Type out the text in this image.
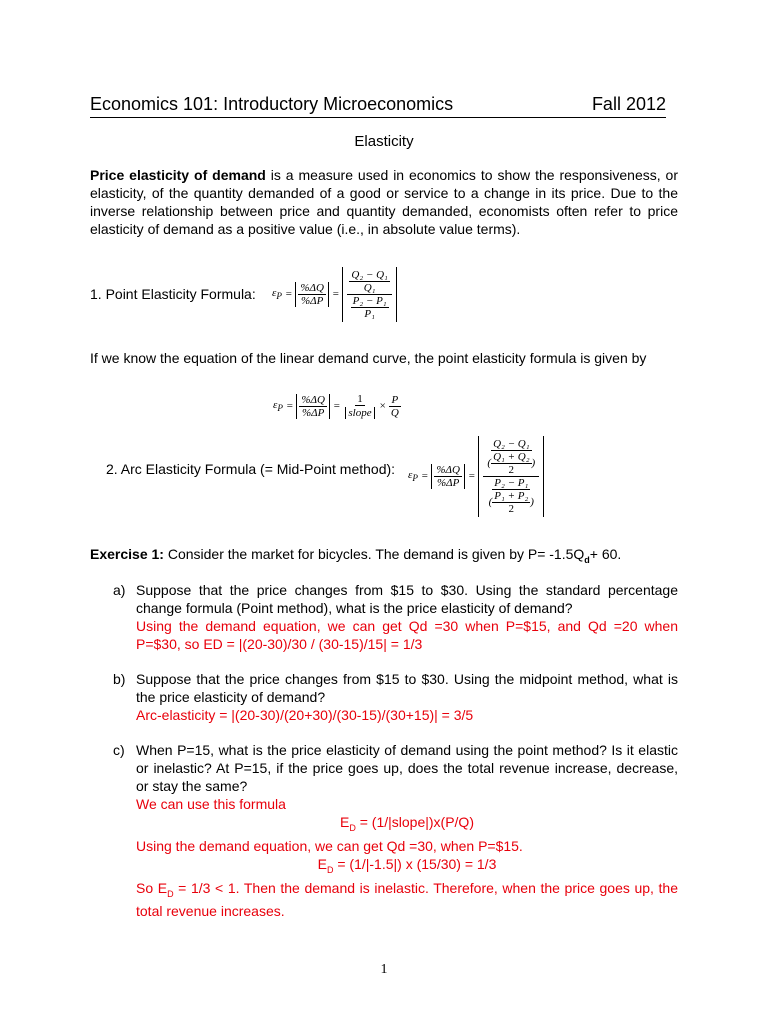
Economics 101: Introductory Microeconomics	Fall 2012
Elasticity
Price elasticity of demand is a measure used in economics to show the responsiveness, or elasticity, of the quantity demanded of a good or service to a change in its price. Due to the inverse relationship between price and quantity demanded, economists often refer to price elasticity of demand as a positive value (i.e., in absolute value terms).
1. Point Elasticity Formula: $\varepsilon_P = \frac{\%\Delta Q}{\%\Delta P} = \frac{\frac{\text{Q₂ − Q₁}}{\text{Q₁}}}{\frac{\text{P₂ − P₁}}{\text{P₁}}}$
If we know the equation of the linear demand curve, the point elasticity formula is given by
$\varepsilon_P = \frac{\%\Delta Q}{\%\Delta P} = \frac{1}{\text{slope}} \times \frac{P}{Q}$
2. Arc Elasticity Formula (= Mid-Point method): $\varepsilon_P = \frac{\%\Delta Q}{\%\Delta P} = \frac{\frac{\text{Q₂ − Q₁}}{( \frac{\text{Q₁ + Q₂}}{2} )}}{\frac{\text{P₂ − P₁}}{( \frac{\text{P₁ + P₂}}{2} )}}$
Exercise 1: Consider the market for bicycles. The demand is given by $P= -1.5Q_d+ 60$.
a) Suppose that the price changes from $15 to $30. Using the standard percentage change formula (Point method), what is the price elasticity of demand?
Using the demand equation, we can get Qd =30 when P=$15, and Qd =20 when P=$30, so ED = |(20-30)/30 / (30-15)/15| = 1/3
b) Suppose that the price changes from $15 to $30. Using the midpoint method, what is the price elasticity of demand?
Arc-elasticity = |(20-30)/(20+30)/(30-15)/(30+15)| = 3/5
c) When P=15, what is the price elasticity of demand using the point method? Is it elastic or inelastic? At P=15, if the price goes up, does the total revenue increase, decrease, or stay the same?
We can use this formula
$E_D$ = (1/|slope|)x(P/Q)
Using the demand equation, we can get Qd =30, when P=$15.
$E_D = (1/|-1.5|)$ x (15/30) = 1/3
So $E_D = 1/3 < 1$. Then the demand is inelastic. Therefore, when the price goes up, the total revenue increases.
1
